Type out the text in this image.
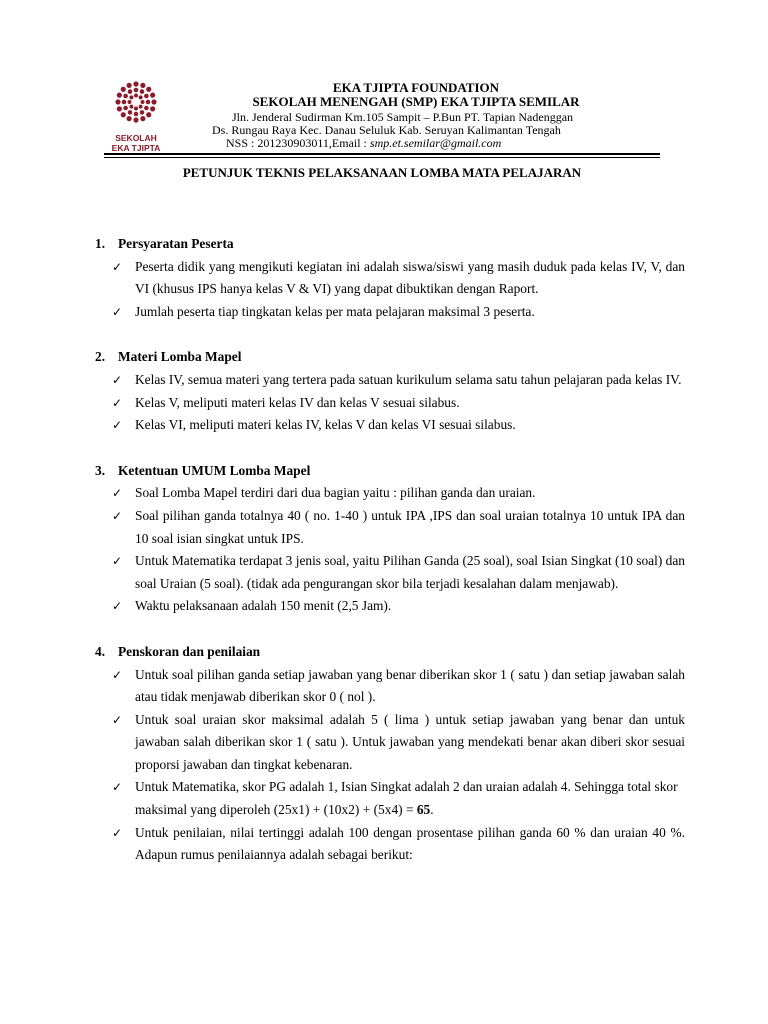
SEKOLAH
EKA TJIPTA
EKA TJIPTA FOUNDATION
SEKOLAH MENENGAH (SMP) EKA TJIPTA SEMILAR
Jln. Jenderal Sudirman Km.105 Sampit – P.Bun PT. Tapian Nadenggan
Ds. Rungau Raya Kec. Danau Seluluk Kab. Seruyan Kalimantan Tengah
NSS : 201230903011,Email : smp.et.semilar@gmail.com
PETUNJUK TEKNIS PELAKSANAAN LOMBA MATA PELAJARAN
1. Persyaratan Peserta
✓ Peserta didik yang mengikuti kegiatan ini adalah siswa/siswi yang masih duduk pada kelas IV, V, dan VI (khusus IPS hanya kelas V & VI) yang dapat dibuktikan dengan Raport.
✓ Jumlah peserta tiap tingkatan kelas per mata pelajaran maksimal 3 peserta.
2. Materi Lomba Mapel
✓ Kelas IV, semua materi yang tertera pada satuan kurikulum selama satu tahun pelajaran pada kelas IV.
✓ Kelas V, meliputi materi kelas IV dan kelas V sesuai silabus.
✓ Kelas VI, meliputi materi kelas IV, kelas V dan kelas VI sesuai silabus.
3. Ketentuan UMUM Lomba Mapel
✓ Soal Lomba Mapel terdiri dari dua bagian yaitu : pilihan ganda dan uraian.
✓ Soal pilihan ganda totalnya 40 ( no. 1-40 ) untuk IPA ,IPS dan soal uraian totalnya 10 untuk IPA dan 10 soal isian singkat untuk IPS.
✓ Untuk Matematika terdapat 3 jenis soal, yaitu Pilihan Ganda (25 soal), soal Isian Singkat (10 soal) dan soal Uraian (5 soal). (tidak ada pengurangan skor bila terjadi kesalahan dalam menjawab).
✓ Waktu pelaksanaan adalah 150 menit (2,5 Jam).
4. Penskoran dan penilaian
✓ Untuk soal pilihan ganda setiap jawaban yang benar diberikan skor 1 ( satu ) dan setiap jawaban salah atau tidak menjawab diberikan skor 0 ( nol ).
✓ Untuk soal uraian skor maksimal adalah 5 ( lima ) untuk setiap jawaban yang benar dan untuk jawaban salah diberikan skor 1 ( satu ). Untuk jawaban yang mendekati benar akan diberi skor sesuai proporsi jawaban dan tingkat kebenaran.
✓ Untuk Matematika, skor PG adalah 1, Isian Singkat adalah 2 dan uraian adalah 4. Sehingga total skor maksimal yang diperoleh (25x1) + (10x2) + (5x4) = 65.
✓ Untuk penilaian, nilai tertinggi adalah 100 dengan prosentase pilihan ganda 60 % dan uraian 40 %. Adapun rumus penilaiannya adalah sebagai berikut:
